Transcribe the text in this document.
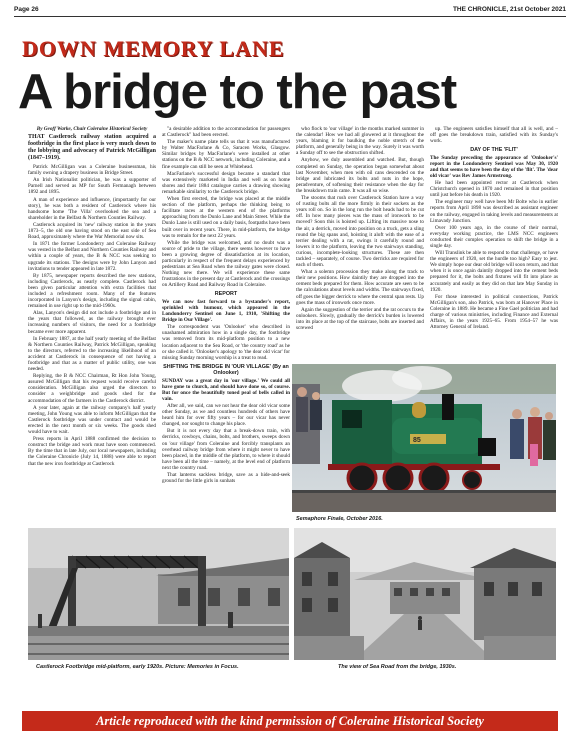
Page 26	THE CHRONICLE, 21st October 2021
DOWN MEMORY LANE
A bridge to the past

By Geoff Warke, Chair Coleraine Historical Society

THAT Castlerock railway station acquired a footbridge in the first place is very much down to the lobbying and advocacy of Patrick McGilligan (1847–1919).

Patrick McGilligan was a Coleraine businessman, his family owning a drapery business in Bridge Street.

An Irish Nationalist politician, he was a supporter of Parnell and served as MP for South Fermanagh between 1892 and 1895.

A man of experience and influence, (importantly for our story), he was both a resident of Castlerock where his handsome home 'The Villa' overlooked the sea and a shareholder in the Belfast & Northern Counties Railway.

Castlerock acquired its 'new' railway station in the years 1873–5, the old one having stood on the east side of Sea Road, approximately where the War Memorial now sits.

In 1871 the former Londonderry and Coleraine Railway was vested in the Belfast and Northern Counties Railway and within a couple of years, the B & NCC was seeking to upgrade its stations. The designs were by John Lanyon and invitations to tender appeared in late 1872.

By 1875, newspaper reports described the new stations, including Castlerock, as nearly complete. Castlerock had been given particular attention with extra facilities that included a refreshment room. Many of the features incorporated in Lanyon's design, including the signal cabin, remained in use right up to the mid-1960s.

Alas, Lanyon's design did not include a footbridge and in the years that followed, as the railway brought ever increasing numbers of visitors, the need for a footbridge became ever more apparent.

In February 1887, at the half yearly meeting of the Belfast & Northern Counties Railway, Patrick McGilligan, speaking to the directors, referred to the increasing likelihood of an accident at Castlerock in consequence of not having a footbridge and that as a matter of public utility, one was needed.

Replying, the B & NCC Chairman, Rt Hon John Young, assured McGilligan that his request would receive careful consideration. McGilligan also urged the directors to consider a weighbridge and goods shed for the accommodation of the farmers in the Castlerock district.

A year later, again at the railway company's half yearly meeting, John Young was able to inform McGilligan that the Castlerock footbridge was under contract and would be erected in the next month or six weeks. The goods shed would have to wait.

Press reports in April 1888 confirmed the decision to construct the bridge and work must have soon commenced. By the time that in late July, our local newspapers, including the Coleraine Chronicle (July 14, 1888) were able to report that the new iron footbridge at Castlerock

"a desirable addition to the accommodation for passengers at Castlerock" had been erected.

The maker's name plate tells us that it was manufactured by Walter MacFarlane & Co, Saracen Works, Glasgow. Similar bridges by MacFarlane's were installed at other stations on the B & NCC network, including Coleraine, and a fine example can still be seen at Whitehead.

MacFarlane's successful design became a standard that was extensively marketed in India and well as on home shores and their 1884 catalogue carries a drawing showing remarkable similarity to the Castlerock bridge.

When first erected, the bridge was placed at the middle section of the platform, perhaps the thinking being to facilitate races at the western end of the platforms approaching from the Dunlo Lane and Main Street. While the Dunlo Lane is still used on a daily basis, footpaths have been built over in recent years. There, in mid-platform, the bridge was to remain for the next 22 years.

While the bridge was welcomed, and no doubt was a source of pride to the village, there seems however to have been a growing degree of dissatisfaction at its location, particularly in respect of the frequent delays experienced by pedestrians at Sea Road when the railway gates were closed. Nothing new there. We will experience these same frustrations in the present day at Castlerock and the crossings on Artillery Road and Railway Road in Coleraine.

REPORT

We can now fast forward to a bystander's report, sprinkled with humour, which appeared in the Londonderry Sentinel on June 1, 1910, 'Shifting the Bridge in Our Village'.

The correspondent was 'Onlooker' who described in unashamed admiration how in a single day, the footbridge was removed from its mid-platform position to a new location adjacent to the Sea Road, or 'the country road' as he or she called it. 'Onlooker's apology to 'the dear old vicar' for missing Sunday morning worship is a treat to read.

SHIFTING THE BRIDGE IN 'OUR VILLAGE' (By an Onlooker)

SUNDAY was a great day in 'our village.' We could all have gone to church, and should have done so, of course. But for once the beautifully toned peal of bells called in vain.

After all, we said, can we not hear the dear old vicar some other Sunday, as we and countless hundreds of others have heard him for over fifty years – for our vicar has never changed, nor sought to change his place.

But it is not every day that a break-down train, with derricks, cowboys, chains, bolts, and brothers, sweeps down on 'our village' from Coleraine and forcibly transplants an overhead railway bridge from where it might never to have been placed, in the middle of the platform, to where it should have been all the time – namely, at the level end of platform next the country road.

That lanterns sackless bridge, save as a hide-and-seek ground for the little girls in sunhats

who flock to 'our village' in the months marked summer in the calendar! How we had all glowered at it throughout the years, blaming it for baulking the noble stretch of the platform, and generally being in the way. Surely it was worth a Sunday off to see the obstruction shifted.

Anyhow, we duly assembled and watched. But, though completed on Sunday, the operation began somewhat about last November, when men with oil cans descended on the bridge and lubricated its bolts and nuts in the hope, peradventure, of softening their resistance when the day for the breakdown train came. It was all so wise.

The stooms that rush over Castlerock Station have a way of rusting bolts all the more firmly in their sockets as the years roll on. So in the long run the bolt heads had to be cut off. In how many pieces was the mass of ironwork to be moved? Soon this is hoisted up. Lifting its massive nose to the air, a derrick, moved into position on a truck, gets a sling round the big spans and, hoisting it aloft with the ease of a terrier dealing with a rat, swings it carefully round and lowers it to the platform, leaving the two stairways standing, curious, incomplete-looking structures. These are then tackled – separately, of course. Two derricks are required for each of them.

What a solemn procession they make along the track to their new positions. How daintily they are dropped into the cement beds prepared for them. How accurate are seen to be the calculations about levels and widths. The stairways fixed, off goes the bigger derrick to where the central span rests. Up goes the mass of ironwork once more.

Again the suggestion of the terrier and the rat occurs to the onlookers. Slowly, gradually the derrick's burden is lowered into its place at the top of the staircase, bolts are inserted and screwed

up. The engineers satisfies himself that all is well, and – off goes the breakdown train, satisfied with its Sunday's work.

DAY OF THE 'FLIT'

The Sunday preceding the appearance of 'Onlooker's' report in the Londonderry Sentinel was May 30, 1920 and that seems to have been the day of the 'flit'. The 'dear old vicar' was Rev James Armstrong.

He had been appointed rector at Castlerock when Christchurch opened in 1870 and remained in that position until just before his death in 1920.

The engineer may well have been Mr Bolte who in earlier reports from April 1898 was described as assistant engineer on the railway, engaged in taking levels and measurements at Limavady Junction.

Over 100 years ago, in the course of their normal, everyday working practice, the LMS NCC engineers conducted their complex operation to shift the bridge in a single day.

Will Translink be able to respond to that challenge, or have the engineers of 1920, set the hurdle too high? Easy to jest. We simply hope our dear old bridge will soon return, and that when it is once again daintily dropped into the cement beds prepared for it, the bolts and fixtures will fit into place as accurately and easily as they did on that late May Sunday in 1920.

For those interested in political connections, Patrick McGilligan's son, also Patrick, was born at Hanover Place in Coleraine in 1889. He became a Fine Gael politician and had charge of various ministries, including Finance and External Affairs, in the years 1925–65. From 1954–57 he was Attorney General of Ireland.

85
Semaphore Finale, October 2016.
Castlerock Footbridge mid-platform, early 1920s. Picture: Memories in Focus.	The view of Sea Road from the bridge, 1930s.
Article reproduced with the kind permission of Coleraine Historical Society
